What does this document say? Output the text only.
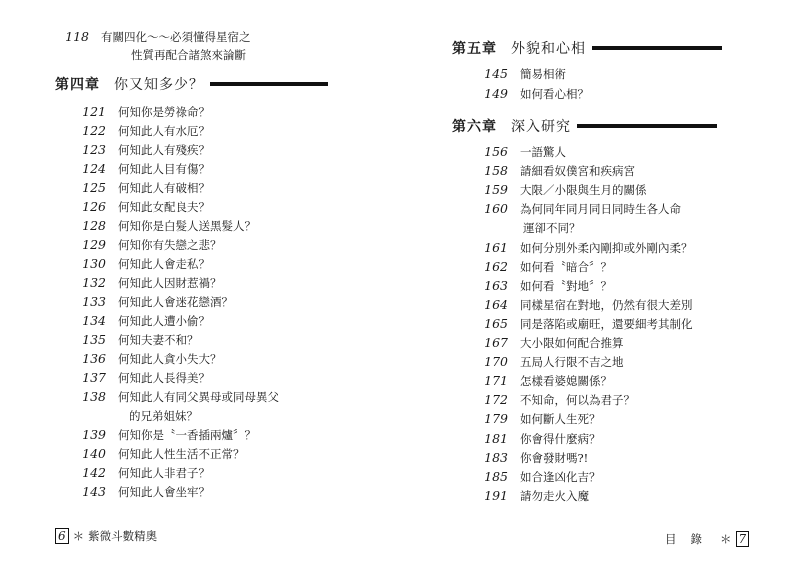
118 有關四化～～必須懂得星宿之
性質再配合諸煞來論斷
第四章 你又知多少？
121 何知你是勞祿命？
122 何知此人有水厄？
123 何知此人有殘疾？
124 何知此人目有傷？
125 何知此人有破相？
126 何知此女配良夫？
128 何知你是白髮人送黑髮人？
129 何知你有失戀之悲？
130 何知此人會走私？
132 何知此人因財惹禍？
133 何知此人會迷花戀酒？
134 何知此人遭小偷？
135 何知夫妻不和？
136 何知此人貪小失大？
137 何知此人長得美？
138 何知此人有同父異母或同母異父
的兄弟姐妹？
139 何知你是〝一香插兩爐〞？
140 何知此人性生活不正常？
142 何知此人非君子？
143 何知此人會坐牢？
6 ＊ 紫微斗數精奧
第五章 外貌和心相
145 簡易相術
149 如何看心相？
第六章 深入研究
156 一語驚人
158 請細看奴僕宮和疾病宮
159 大限／小限與生月的關係
160 為何同年同月同日同時生各人命
運卻不同？
161 如何分別外柔內剛抑或外剛內柔？
162 如何看〝暗合〞？
163 如何看〝對地〞？
164 同樣星宿在對地，仍然有很大差別
165 同是落陷或廟旺，還要細考其制化
167 大小限如何配合推算
170 五局人行限不吉之地
171 怎樣看婆媳關係？
172 不知命，何以為君子？
179 如何斷人生死？
181 你會得什麼病？
183 你會發財嗎?!
185 如合逢凶化吉？
191 請勿走火入魔
目錄 ＊ 7
